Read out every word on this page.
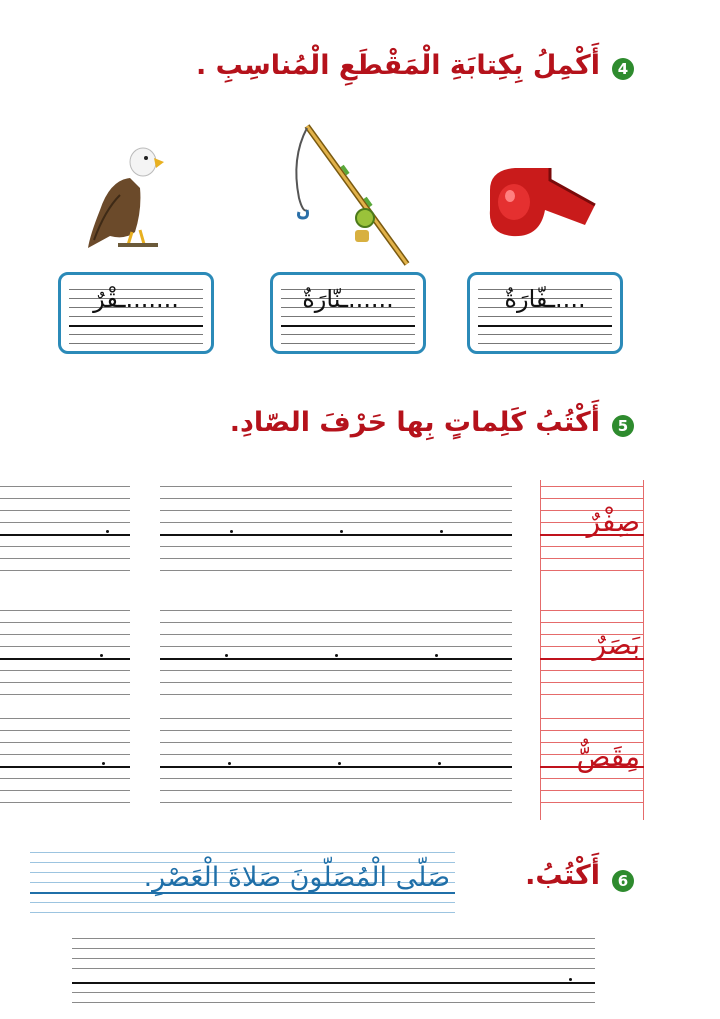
4
أَكْمِلُ بِكِتابَةِ الْمَقْطَعِ الْمُناسِبِ .
....ـفّارَةٌ
......ـنّارَةٌ
.......ـقْرٌ
5
أَكْتُبُ كَلِماتٍ بِها حَرْفَ الصّادِ.
صِفْرٌ
بَصَرٌ
مِقَصٌّ
6
أَكْتُبُ.
صَلّى الْمُصَلّونَ صَلاةَ الْعَصْرِ.
